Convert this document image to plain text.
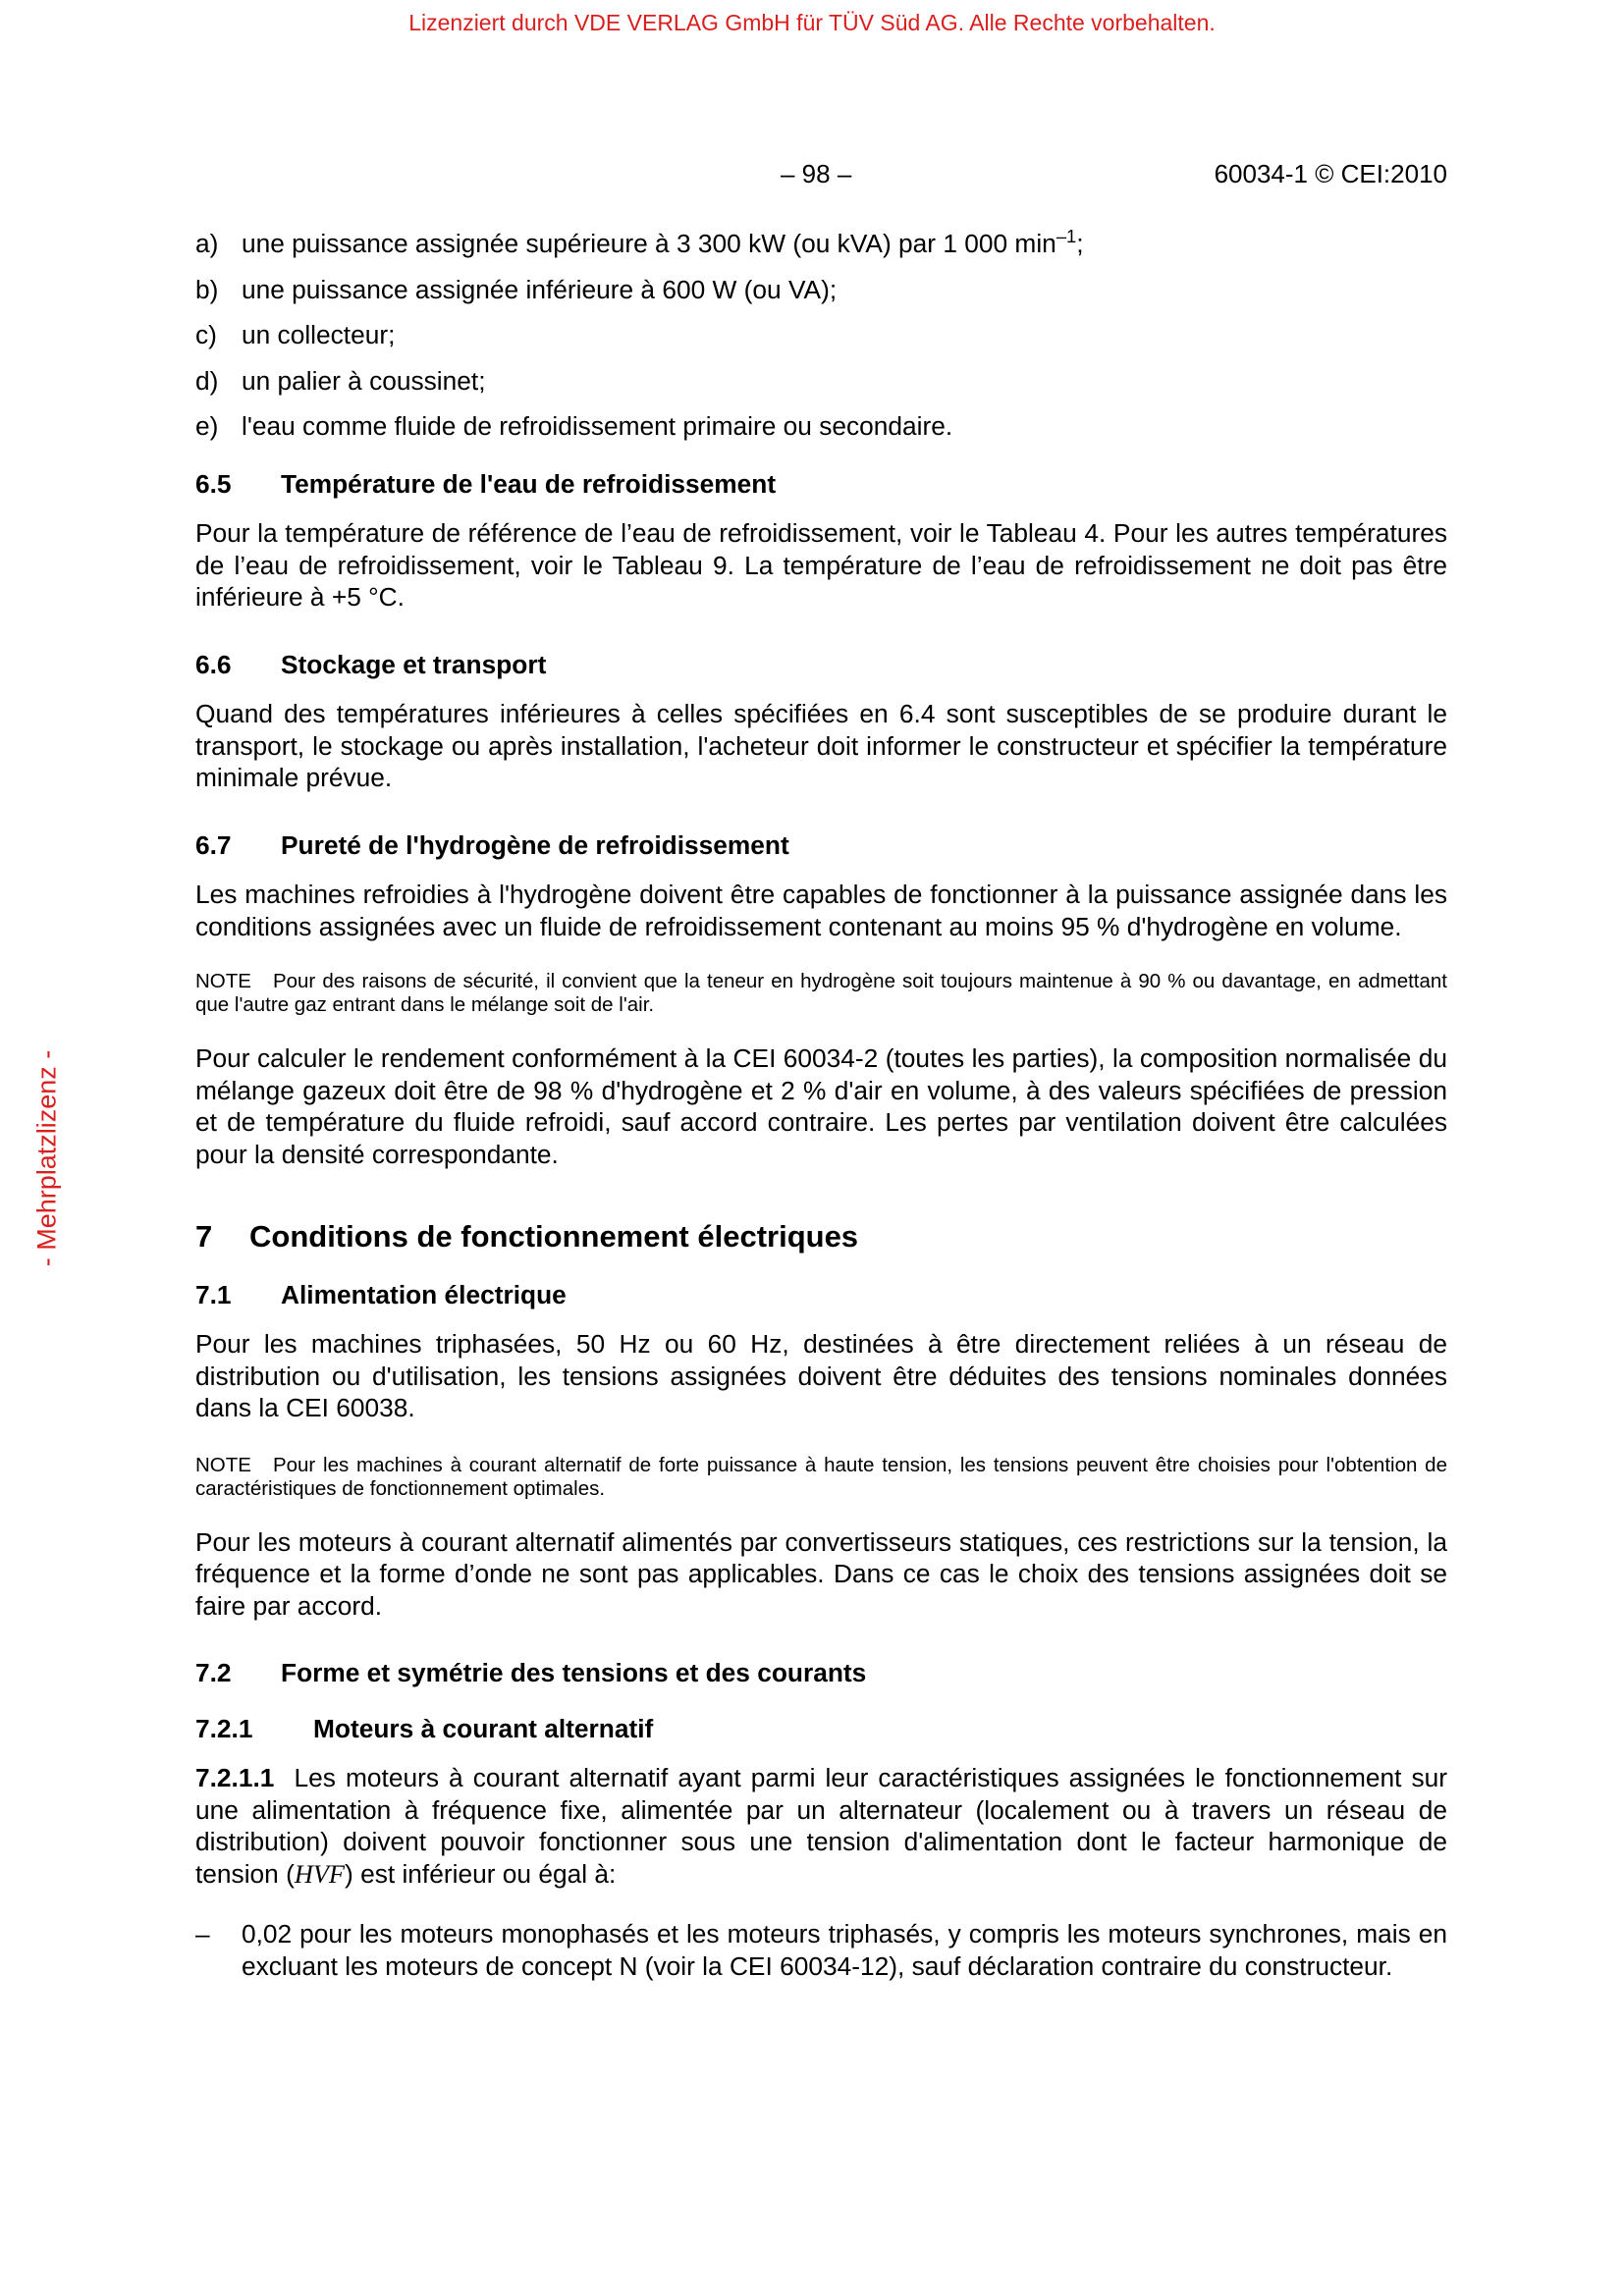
Lizenziert durch VDE VERLAG GmbH für TÜV Süd AG. Alle Rechte vorbehalten.
- Mehrplatzlizenz -
– 98 –	60034-1 © CEI:2010
a) une puissance assignée supérieure à 3 300 kW (ou kVA) par 1 000 $\min^{-1}$;
b) une puissance assignée inférieure à 600 W (ou VA);
c) un collecteur;
d) un palier à coussinet;
e) l'eau comme fluide de refroidissement primaire ou secondaire.
6.5	Température de l'eau de refroidissement

Pour la température de référence de l’eau de refroidissement, voir le Tableau 4. Pour les autres températures de l’eau de refroidissement, voir le Tableau 9. La température de l’eau de refroidissement ne doit pas être inférieure à +5 °C.

6.6	Stockage et transport

Quand des températures inférieures à celles spécifiées en 6.4 sont susceptibles de se produire durant le transport, le stockage ou après installation, l'acheteur doit informer le constructeur et spécifier la température minimale prévue.

6.7	Pureté de l'hydrogène de refroidissement

Les machines refroidies à l'hydrogène doivent être capables de fonctionner à la puissance assignée dans les conditions assignées avec un fluide de refroidissement contenant au moins 95 % d'hydrogène en volume.

NOTE Pour des raisons de sécurité, il convient que la teneur en hydrogène soit toujours maintenue à 90 % ou davantage, en admettant que l'autre gaz entrant dans le mélange soit de l'air.

Pour calculer le rendement conformément à la CEI 60034-2 (toutes les parties), la composition normalisée du mélange gazeux doit être de 98 % d'hydrogène et 2 % d'air en volume, à des valeurs spécifiées de pression et de température du fluide refroidi, sauf accord contraire. Les pertes par ventilation doivent être calculées pour la densité correspondante.

7	Conditions de fonctionnement électriques
7.1	Alimentation électrique

Pour les machines triphasées, 50 Hz ou 60 Hz, destinées à être directement reliées à un réseau de distribution ou d'utilisation, les tensions assignées doivent être déduites des tensions nominales données dans la CEI 60038.

NOTE Pour les machines à courant alternatif de forte puissance à haute tension, les tensions peuvent être choisies pour l'obtention de caractéristiques de fonctionnement optimales.

Pour les moteurs à courant alternatif alimentés par convertisseurs statiques, ces restrictions sur la tension, la fréquence et la forme d’onde ne sont pas applicables. Dans ce cas le choix des tensions assignées doit se faire par accord.

7.2	Forme et symétrie des tensions et des courants
7.2.1	Moteurs à courant alternatif

7.2.1.1 Les moteurs à courant alternatif ayant parmi leur caractéristiques assignées le fonctionnement sur une alimentation à fréquence fixe, alimentée par un alternateur (localement ou à travers un réseau de distribution) doivent pouvoir fonctionner sous une tension d'alimentation dont le facteur harmonique de tension (HVF) est inférieur ou égal à:

–	0,02 pour les moteurs monophasés et les moteurs triphasés, y compris les moteurs synchrones, mais en excluant les moteurs de concept N (voir la CEI 60034-12), sauf déclaration contraire du constructeur.
